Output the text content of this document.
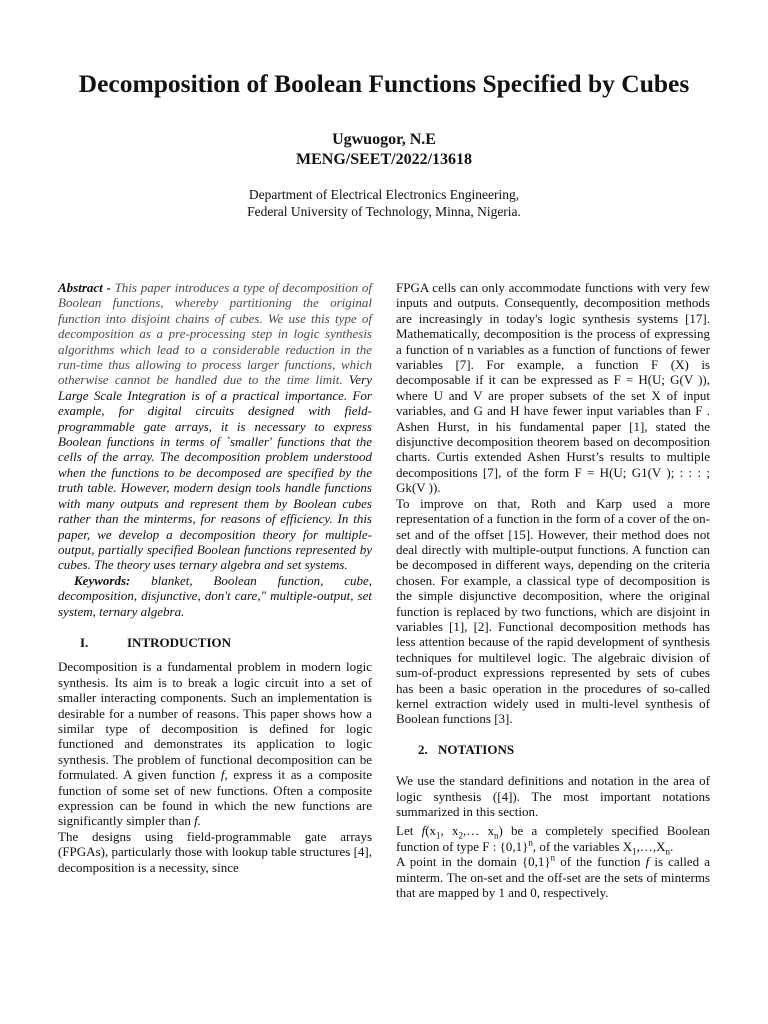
Decomposition of Boolean Functions Specified by Cubes

Ugwuogor, N.E

MENG/SEET/2022/13618

Department of Electrical Electronics Engineering,
Federal University of Technology, Minna, Nigeria.

Abstract - This paper introduces a type of decomposition of Boolean functions, whereby partitioning the original function into disjoint chains of cubes. We use this type of decomposition as a pre-processing step in logic synthesis algorithms which lead to a considerable reduction in the run-time thus allowing to process larger functions, which otherwise cannot be handled due to the time limit. Very Large Scale Integration is of a practical importance. For example, for digital circuits designed with field-programmable gate arrays, it is necessary to express Boolean functions in terms of `smaller' functions that the cells of the array. The decomposition problem understood when the functions to be decomposed are specified by the truth table. However, modern design tools handle functions with many outputs and represent them by Boolean cubes rather than the minterms, for reasons of efficiency. In this paper, we develop a decomposition theory for multiple-output, partially specified Boolean functions represented by cubes. The theory uses ternary algebra and set systems.

Keywords: blanket, Boolean function, cube, decomposition, disjunctive, don't care," multiple-output, set system, ternary algebra.

I.	INTRODUCTION

Decomposition is a fundamental problem in modern logic synthesis. Its aim is to break a logic circuit into a set of smaller interacting components. Such an implementation is desirable for a number of reasons. This paper shows how a similar type of decomposition is defined for logic functioned and demonstrates its application to logic synthesis. The problem of functional decomposition can be formulated. A given function f, express it as a composite function of some set of new functions. Often a composite expression can be found in which the new functions are significantly simpler than f.

The designs using field-programmable gate arrays (FPGAs), particularly those with lookup table structures [4], decomposition is a necessity, since

FPGA cells can only accommodate functions with very few inputs and outputs. Consequently, decomposition methods are increasingly in today's logic synthesis systems [17]. Mathematically, decomposition is the process of expressing a function of n variables as a function of functions of fewer variables [7]. For example, a function F (X) is decomposable if it can be expressed as F = H(U; G(V )), where U and V are proper subsets of the set X of input variables, and G and H have fewer input variables than F . Ashen Hurst, in his fundamental paper [1], stated the disjunctive decomposition theorem based on decomposition charts. Curtis extended Ashen Hurst’s results to multiple decompositions [7], of the form F = H(U; G1(V ); : : : ; Gk(V )).

To improve on that, Roth and Karp used a more representation of a function in the form of a cover of the on-set and of the offset [15]. However, their method does not deal directly with multiple-output functions. A function can be decomposed in different ways, depending on the criteria chosen. For example, a classical type of decomposition is the simple disjunctive decomposition, where the original function is replaced by two functions, which are disjoint in variables [1], [2]. Functional decomposition methods has less attention because of the rapid development of synthesis techniques for multilevel logic. The algebraic division of sum-of-product expressions represented by sets of cubes has been a basic operation in the procedures of so-called kernel extraction widely used in multi-level synthesis of Boolean functions [3].

2. NOTATIONS

We use the standard definitions and notation in the area of logic synthesis ([4]). The most important notations summarized in this section.

Let $f(x_1$, $x_2,\dots$ $x_n$) be a completely specified Boolean function of type F : $\{0,1\}^n$, of the variables $X_1,\dots,X_n$.

A point in the domain $\{0,1\}^n$ of the function f is called a minterm. The on-set and the off-set are the sets of minterms that are mapped by 1 and 0, respectively.
